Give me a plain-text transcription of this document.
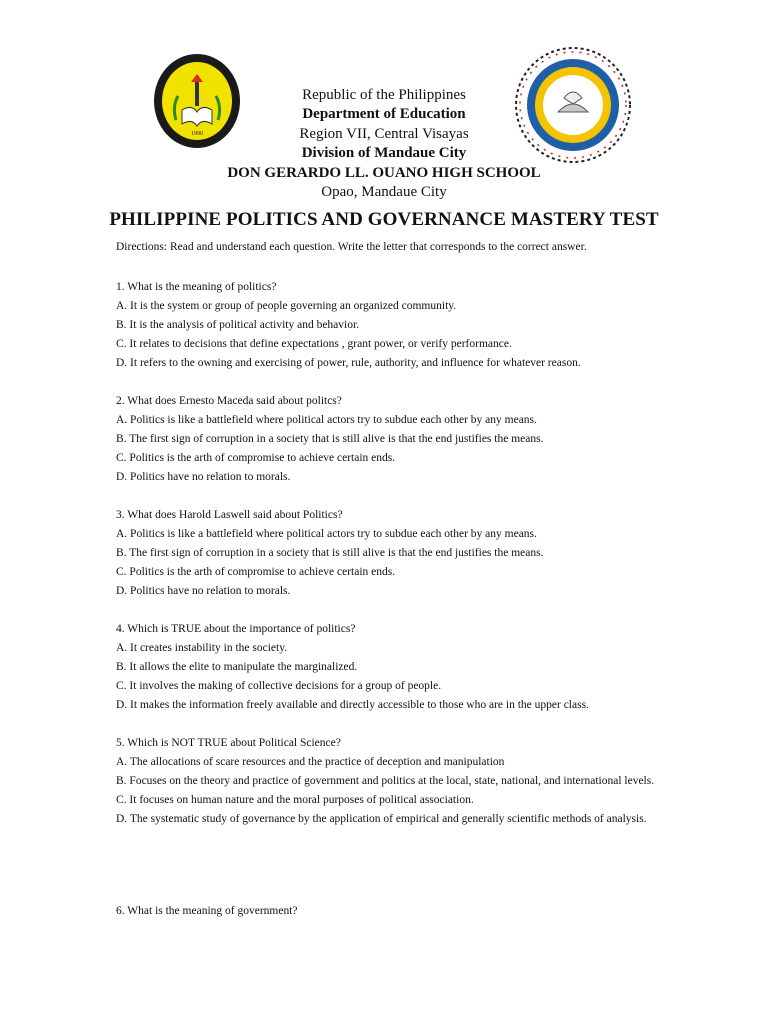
1990
Republic of the Philippines
Department of Education
Region VII, Central Visayas
Division of Mandaue City
DON GERARDO LL. OUANO HIGH SCHOOL
Opao, Mandaue City
PHILIPPINE POLITICS AND GOVERNANCE MASTERY TEST
Directions: Read and understand each question. Write the letter that corresponds to the correct answer.
1. What is the meaning of politics?
A. It is the system or group of people governing an organized community.
B. It is the analysis of political activity and behavior.
C. It relates to decisions that define expectations , grant power, or verify performance.
D. It refers to the owning and exercising of power, rule, authority, and influence for whatever reason.
2. What does Ernesto Maceda said about politcs?
A. Politics is like a battlefield where political actors try to subdue each other by any means.
B. The first sign of corruption in a society that is still alive is that the end justifies the means.
C. Politics is the arth of compromise to achieve certain ends.
D. Politics have no relation to morals.
3. What does Harold Laswell said about Politics?
A. Politics is like a battlefield where political actors try to subdue each other by any means.
B. The first sign of corruption in a society that is still alive is that the end justifies the means.
C. Politics is the arth of compromise to achieve certain ends.
D. Politics have no relation to morals.
4. Which is TRUE about the importance of politics?
A. It creates instability in the society.
B. It allows the elite to manipulate the marginalized.
C. It involves the making of collective decisions for a group of people.
D. It makes the information freely available and directly accessible to those who are in the upper class.
5. Which is NOT TRUE about Political Science?
A. The allocations of scare resources and the practice of deception and manipulation
B. Focuses on the theory and practice of government and politics at the local, state, national, and international levels.
C. It focuses on human nature and the moral purposes of political association.
D. The systematic study of governance by the application of empirical and generally scientific methods of analysis.
6. What is the meaning of government?
